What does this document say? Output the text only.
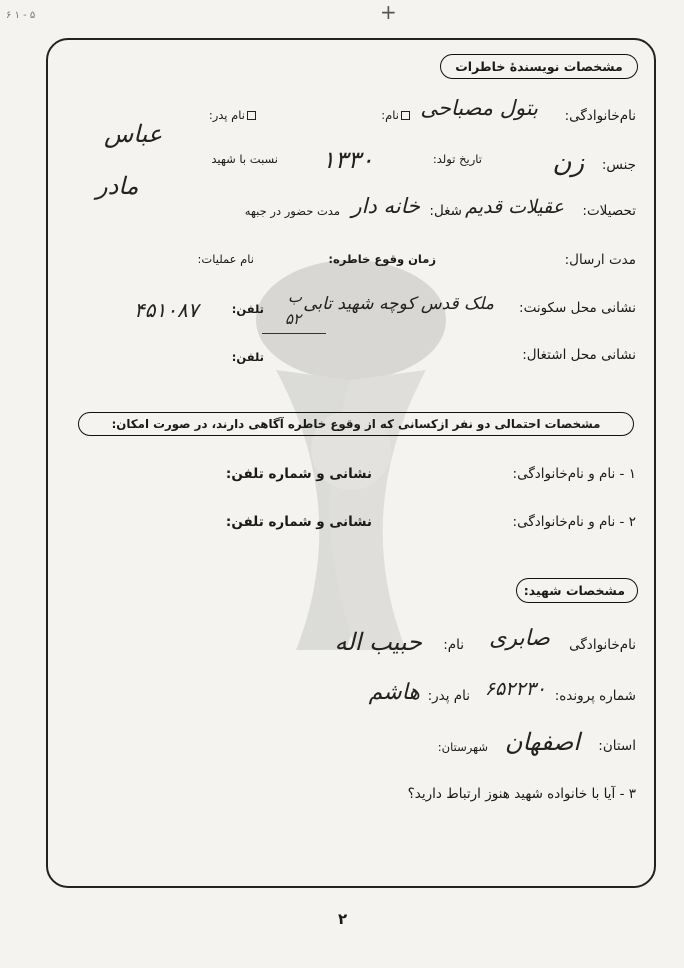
۵ - ۱ ۶	+
مشخصات نویسندهٔ خاطرات
نام‌خانوادگی:
بتول مصباحی
نام:
نام پدر:
عباس
جنس:
زن
تاریخ تولد:
۱۳۳۰
نسبت با شهید
مادر
تحصیلات:
عقیلات قدیم
شغل:
خانه دار
مدت حضور در جبهه
مدت ارسال:
زمان وقوع خاطره:
نام عملیات:
نشانی محل سکونت:
ملک قدس کوچه شهید تابی
۵۲
ب
تلفن:
۴۵۱۰۸۷
نشانی محل اشتغال:
تلفن:
مشخصات احتمالی دو نفر ازکسانی که از وقوع خاطره آگاهی دارند، در صورت امکان:
۱ - نام و نام‌خانوادگی:
نشانی و شماره تلفن:
۲ - نام و نام‌خانوادگی:
نشانی و شماره تلفن:
مشخصات شهید:
نام‌خانوادگی
صابری
نام:
حبیب اله
شماره پرونده:
۶۵۲۲۳۰
نام پدر:
هاشم
استان:
اصفهان
شهرستان:
۳ - آیا با خانواده شهید هنوز ارتباط دارید؟
۲
